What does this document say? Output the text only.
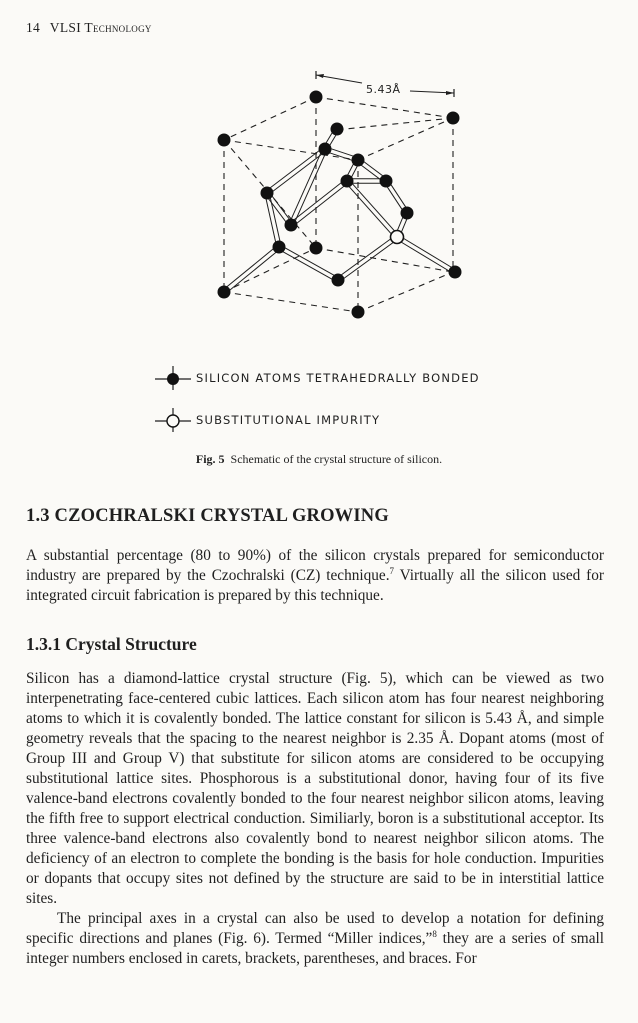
14 VLSI Technology
5.43Å
SILICON ATOMS TETRAHEDRALLY BONDED
SUBSTITUTIONAL IMPURITY
Fig. 5 Schematic of the crystal structure of silicon.
1.3 CZOCHRALSKI CRYSTAL GROWING

A substantial percentage (80 to 90%) of the silicon crystals prepared for semiconductor industry are prepared by the Czochralski (CZ) technique.$^7$ Virtually all the silicon used for integrated circuit fabrication is prepared by this technique.

1.3.1 Crystal Structure

Silicon has a diamond-lattice crystal structure (Fig. 5), which can be viewed as two interpenetrating face-centered cubic lattices. Each silicon atom has four nearest neighboring atoms to which it is covalently bonded. The lattice constant for silicon is 5.43 Å, and simple geometry reveals that the spacing to the nearest neighbor is 2.35 Å. Dopant atoms (most of Group III and Group V) that substitute for silicon atoms are considered to be occupying substitutional lattice sites. Phosphorous is a substitutional donor, having four of its five valence-band electrons covalently bonded to the four nearest neighbor silicon atoms, leaving the fifth free to support electrical conduction. Similiarly, boron is a substitutional acceptor. Its three valence-band electrons also covalently bond to nearest neighbor silicon atoms. The deficiency of an electron to complete the bonding is the basis for hole conduction. Impurities or dopants that occupy sites not defined by the structure are said to be in interstitial lattice sites.

The principal axes in a crystal can also be used to develop a notation for defining specific directions and planes (Fig. 6). Termed “Miller indices,”$^8$ they are a series of small integer numbers enclosed in carets, brackets, parentheses, and braces. For
